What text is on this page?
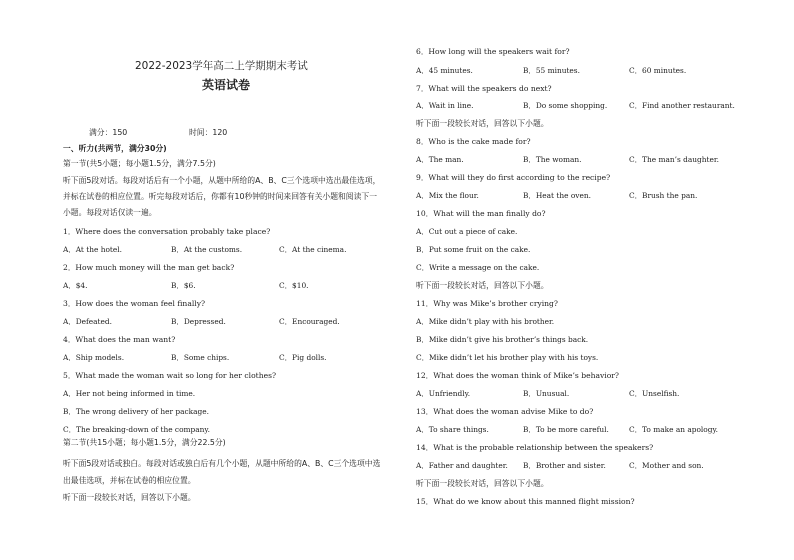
2022-2023学年高二上学期期末考试
英语试卷
满分：150	时间：120
一、听力(共两节，满分30分)
第一节(共5小题；每小题1.5分，满分7.5分)
听下面5段对话。每段对话后有一个小题，从题中所给的A、B、C三个选项中选出最佳选项，
并标在试卷的相应位置。听完每段对话后，你都有10秒钟的时间来回答有关小题和阅读下一
小题。每段对话仅读一遍。
1．Where does the conversation probably take place?
A．At the hotel.	B．At the customs.	C．At the cinema.
2．How much money will the man get back?
A．$4.	B．$6.	C．$10.
3．How does the woman feel finally?
A．Defeated.	B．Depressed.	C．Encouraged.
4．What does the man want?
A．Ship models.	B．Some chips.	C．Pig dolls.
5．What made the woman wait so long for her clothes?
A．Her not being informed in time.
B．The wrong delivery of her package.
C．The breaking-down of the company.
第二节(共15小题；每小题1.5分，满分22.5分)
听下面5段对话或独白。每段对话或独白后有几个小题，从题中所给的A、B、C三个选项中选
出最佳选项，并标在试卷的相应位置。
听下面一段较长对话，回答以下小题。
6．How long will the speakers wait for?
A．45 minutes.	B．55 minutes.	C．60 minutes.
7．What will the speakers do next?
A．Wait in line.	B．Do some shopping.	C．Find another restaurant.
听下面一段较长对话，回答以下小题。
8．Who is the cake made for?
A．The man.	B．The woman.	C．The man’s daughter.
9．What will they do first according to the recipe?
A．Mix the flour.	B．Heat the oven.	C．Brush the pan.
10．What will the man finally do?
A．Cut out a piece of cake.
B．Put some fruit on the cake.
C．Write a message on the cake.
听下面一段较长对话，回答以下小题。
11．Why was Mike’s brother crying?
A．Mike didn’t play with his brother.
B．Mike didn’t give his brother’s things back.
C．Mike didn’t let his brother play with his toys.
12．What does the woman think of Mike’s behavior?
A．Unfriendly.	B．Unusual.	C．Unselfish.
13．What does the woman advise Mike to do?
A．To share things.	B．To be more careful.	C．To make an apology.
14．What is the probable relationship between the speakers?
A．Father and daughter. B．Brother and sister.	C．Mother and son.
听下面一段较长对话，回答以下小题。
15．What do we know about this manned flight mission?
